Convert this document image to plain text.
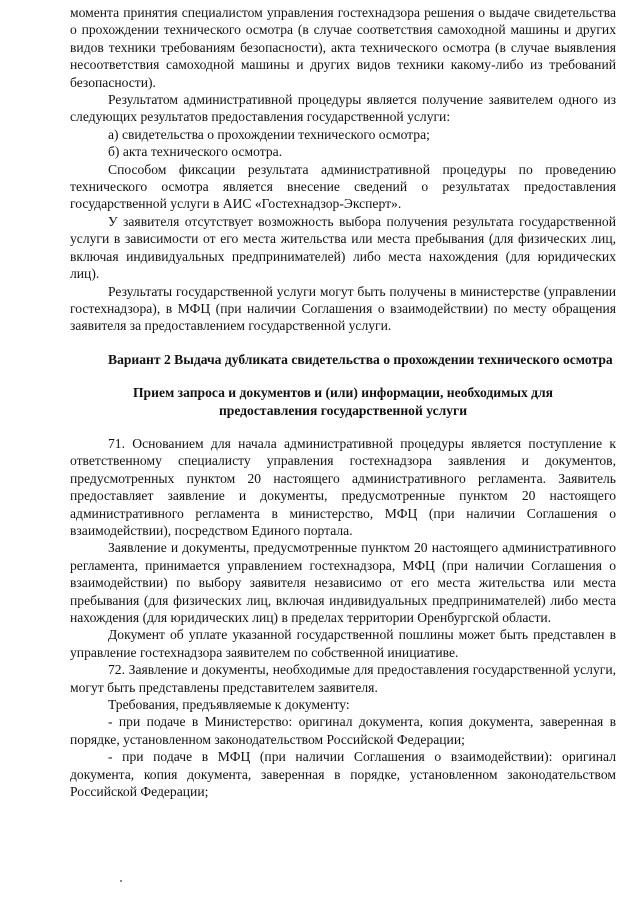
момента принятия специалистом управления гостехнадзора решения о выдаче свидетельства о прохождении технического осмотра (в случае соответствия самоходной машины и других видов техники требованиям безопасности), акта технического осмотра (в случае выявления несоответствия самоходной машины и других видов техники какому-либо из требований безопасности).

Результатом административной процедуры является получение заявителем одного из следующих результатов предоставления государственной услуги:

а) свидетельства о прохождении технического осмотра;

б) акта технического осмотра.

Способом фиксации результата административной процедуры по проведению технического осмотра является внесение сведений о результатах предоставления государственной услуги в АИС «Гостехнадзор-Эксперт».

У заявителя отсутствует возможность выбора получения результата государственной услуги в зависимости от его места жительства или места пребывания (для физических лиц, включая индивидуальных предпринимателей) либо места нахождения (для юридических лиц).

Результаты государственной услуги могут быть получены в министерстве (управлении гостехнадзора), в МФЦ (при наличии Соглашения о взаимодействии) по месту обращения заявителя за предоставлением государственной услуги.

Вариант 2 Выдача дубликата свидетельства о прохождении технического осмотра

Прием запроса и документов и (или) информации, необходимых для предоставления государственной услуги

71. Основанием для начала административной процедуры является поступление к ответственному специалисту управления гостехнадзора заявления и документов, предусмотренных пунктом 20 настоящего административного регламента. Заявитель предоставляет заявление и документы, предусмотренные пунктом 20 настоящего административного регламента в министерство, МФЦ (при наличии Соглашения о взаимодействии), посредством Единого портала.

Заявление и документы, предусмотренные пунктом 20 настоящего административного регламента, принимается управлением гостехнадзора, МФЦ (при наличии Соглашения о взаимодействии) по выбору заявителя независимо от его места жительства или места пребывания (для физических лиц, включая индивидуальных предпринимателей) либо места нахождения (для юридических лиц) в пределах территории Оренбургской области.

Документ об уплате указанной государственной пошлины может быть представлен в управление гостехнадзора заявителем по собственной инициативе.

72. Заявление и документы, необходимые для предоставления государственной услуги, могут быть представлены представителем заявителя.

Требования, предъявляемые к документу:

- при подаче в Министерство: оригинал документа, копия документа, заверенная в порядке, установленном законодательством Российской Федерации;

- при подаче в МФЦ (при наличии Соглашения о взаимодействии): оригинал документа, копия документа, заверенная в порядке, установленном законодательством Российской Федерации;
